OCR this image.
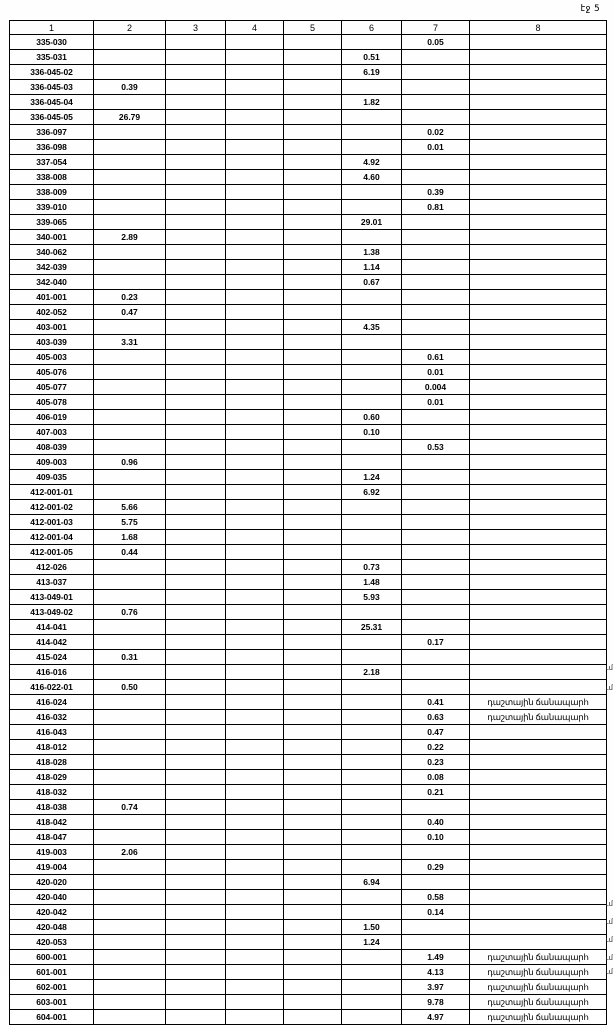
էջ 5
1	2	3	4	5	6	7	8
335-030						0.05	
335-031					0.51		
336-045-02					6.19		
336-045-03	0.39						
336-045-04					1.82		
336-045-05	26.79						
336-097						0.02	
336-098						0.01	
337-054					4.92		
338-008					4.60		
338-009						0.39	
339-010						0.81	
339-065					29.01		
340-001	2.89						
340-062					1.38		
342-039					1.14		
342-040					0.67		
401-001	0.23						
402-052	0.47						
403-001					4.35		
403-039	3.31						
405-003						0.61	
405-076						0.01	
405-077						0.004	
405-078						0.01	
406-019					0.60		
407-003					0.10		
408-039						0.53	
409-003	0.96						
409-035					1.24		
412-001-01					6.92		
412-001-02	5.66						
412-001-03	5.75						
412-001-04	1.68						
412-001-05	0.44						
412-026					0.73		
413-037					1.48		
413-049-01					5.93		
413-049-02	0.76						
414-041					25.31		
414-042						0.17	
415-024	0.31						
416-016					2.18		
416-022-01	0.50						
416-024						0.41	դաշտային ճանապարհ
416-032						0.63	դաշտային ճանապարհ
416-043						0.47	
418-012						0.22	
418-028						0.23	
418-029						0.08	
418-032						0.21	
418-038	0.74						
418-042						0.40	
418-047						0.10	
419-003	2.06						
419-004						0.29	
420-020					6.94		
420-040						0.58	
420-042						0.14	
420-048					1.50		
420-053					1.24		
600-001						1.49	դաշտային ճանապարհ
601-001						4.13	դաշտային ճանապարհ
602-001						3.97	դաշտային ճանապարհ
603-001						9.78	դաշտային ճանապարհ
604-001						4.97	դաշտային ճանապարհ
ւմ
ւմ
ւմ
ւմ
ւմ
ւմ
ւմ
